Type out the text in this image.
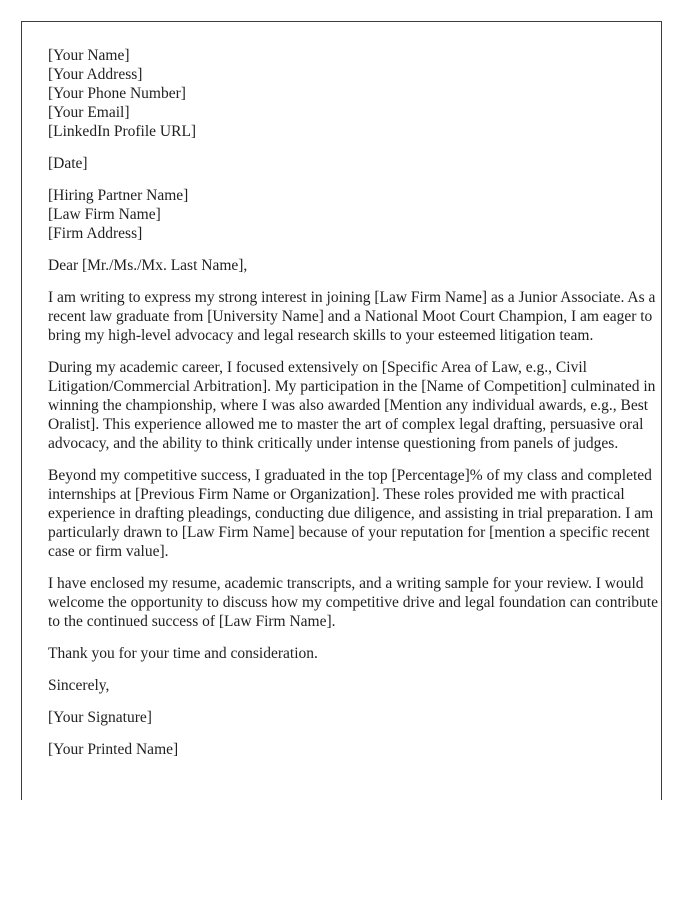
[Your Name]
[Your Address]
[Your Phone Number]
[Your Email]
[LinkedIn Profile URL]

[Date]

[Hiring Partner Name]
[Law Firm Name]
[Firm Address]

Dear [Mr./Ms./Mx. Last Name],

I am writing to express my strong interest in joining [Law Firm Name] as a Junior Associate. As a recent law graduate from [University Name] and a National Moot Court Champion, I am eager to bring my high-level advocacy and legal research skills to your esteemed litigation team.

During my academic career, I focused extensively on [Specific Area of Law, e.g., Civil Litigation/Commercial Arbitration]. My participation in the [Name of Competition] culminated in winning the championship, where I was also awarded [Mention any individual awards, e.g., Best Oralist]. This experience allowed me to master the art of complex legal drafting, persuasive oral advocacy, and the ability to think critically under intense questioning from panels of judges.

Beyond my competitive success, I graduated in the top [Percentage]% of my class and completed internships at [Previous Firm Name or Organization]. These roles provided me with practical experience in drafting pleadings, conducting due diligence, and assisting in trial preparation. I am particularly drawn to [Law Firm Name] because of your reputation for [mention a specific recent case or firm value].

I have enclosed my resume, academic transcripts, and a writing sample for your review. I would welcome the opportunity to discuss how my competitive drive and legal foundation can contribute to the continued success of [Law Firm Name].

Thank you for your time and consideration.

Sincerely,

[Your Signature]

[Your Printed Name]
